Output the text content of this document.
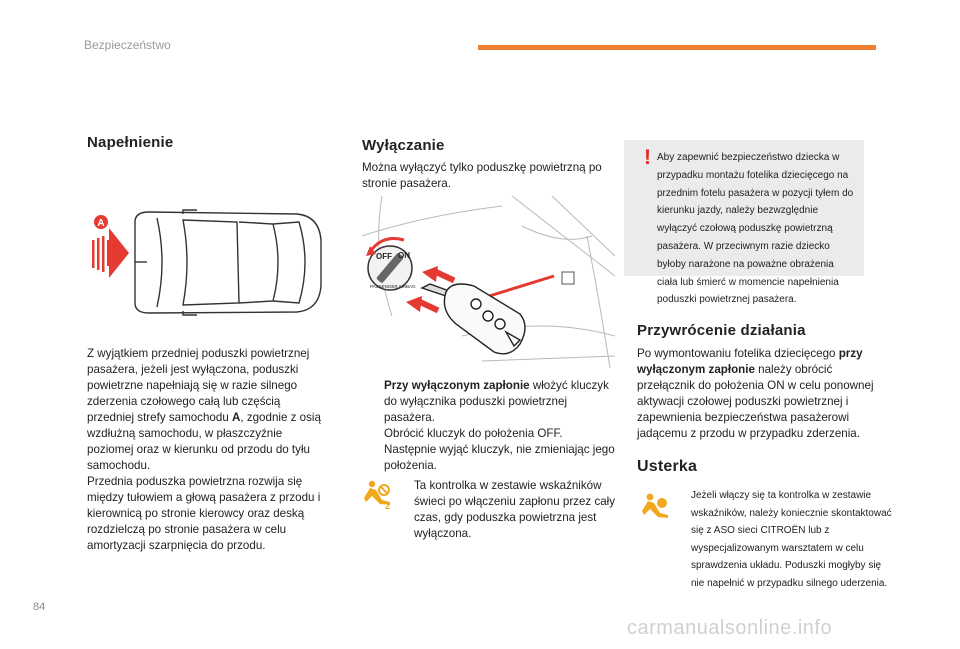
Bezpieczeństwo
Napełnienie
A

Z wyjątkiem przedniej poduszki powietrznej pasażera, jeżeli jest wyłączona, poduszki powietrzne napełniają się w razie silnego zderzenia czołowego całą lub częścią przedniej strefy samochodu A, zgodnie z osią wzdłużną samochodu, w płaszczyźnie poziomej oraz w kierunku od przodu do tyłu samochodu.

Przednia poduszka powietrzna rozwija się między tułowiem a głową pasażera z przodu i kierownicą po stronie kierowcy oraz deską rozdzielczą po stronie pasażera w celu amortyzacji szarpnięcia do przodu.

Wyłączanie
Można wyłączyć tylko poduszkę powietrzną po stronie pasażera.
OFF ON
PASSENGER AIRBAG

Przy wyłączonym zapłonie włożyć kluczyk do wyłącznika poduszki powietrznej pasażera.

Obrócić kluczyk do położenia OFF.

Następnie wyjąć kluczyk, nie zmieniając jego położenia.

2
Ta kontrolka w zestawie wskaźników świeci po włączeniu zapłonu przez cały czas, gdy poduszka powietrzna jest wyłączona.
! Aby zapewnić bezpieczeństwo dziecka w przypadku montażu fotelika dziecięcego na przednim fotelu pasażera w pozycji tyłem do kierunku jazdy, należy bezwzględnie wyłączyć czołową poduszkę powietrzną pasażera. W przeciwnym razie dziecko byłoby narażone na poważne obrażenia ciała lub śmierć w momencie napełnienia poduszki powietrznej pasażera.
Przywrócenie działania

Po wymontowaniu fotelika dziecięcego przy wyłączonym zapłonie należy obrócić przełącznik do położenia ON w celu ponownej aktywacji czołowej poduszki powietrznej i zapewnienia bezpieczeństwa pasażerowi jadącemu z przodu w przypadku zderzenia.

Usterka
Jeżeli włączy się ta kontrolka w zestawie wskaźników, należy koniecznie skontaktować się z ASO sieci CITROËN lub z wyspecjalizowanym warsztatem w celu sprawdzenia układu. Poduszki mogłyby się nie napełnić w przypadku silnego uderzenia.
84
carmanualsonline.info
